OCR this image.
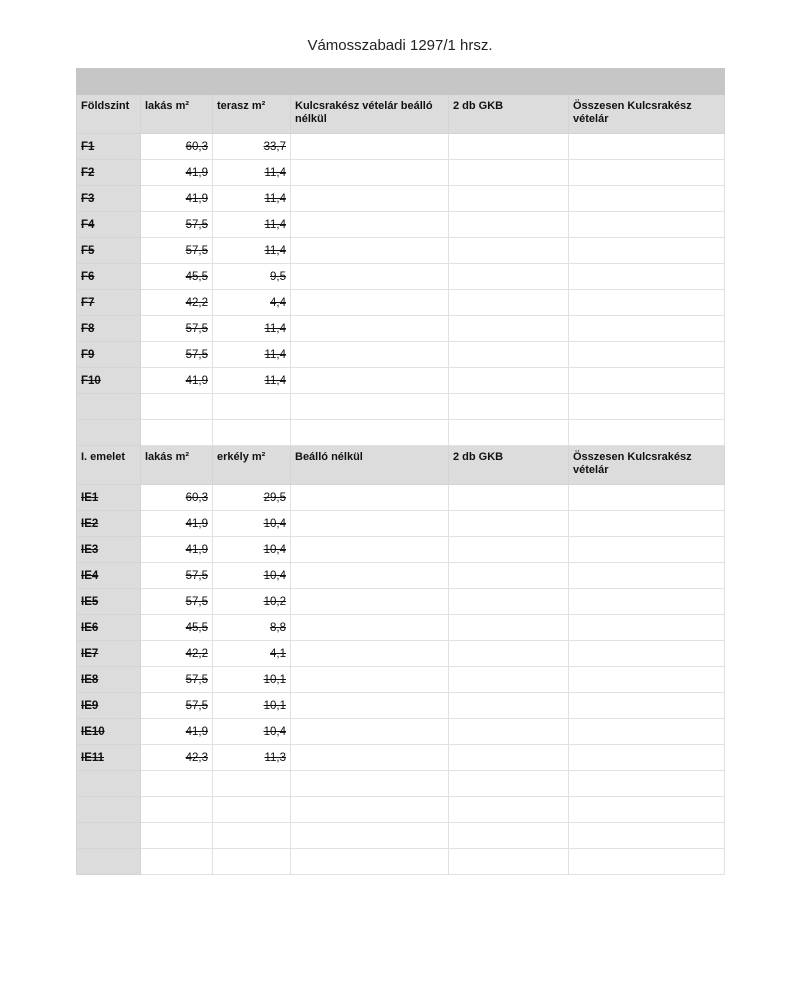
Vámosszabadi 1297/1 hrsz.

Földszint	lakás m²	terasz m²	Kulcsrakész vételár beálló nélkül	2 db GKB	Összesen Kulcsrakész vételár
F1	60,3	33,7			
F2	41,9	11,4			
F3	41,9	11,4			
F4	57,5	11,4			
F5	57,5	11,4			
F6	45,5	9,5			
F7	42,2	4,4			
F8	57,5	11,4			
F9	57,5	11,4			
F10	41,9	11,4			

I. emelet	lakás m²	erkély m²	Beálló nélkül	2 db GKB	Összesen Kulcsrakész vételár
IE1	60,3	29,5			
IE2	41,9	10,4			
IE3	41,9	10,4			
IE4	57,5	10,4			
IE5	57,5	10,2			
IE6	45,5	8,8			
IE7	42,2	4,1			
IE8	57,5	10,1			
IE9	57,5	10,1			
IE10	41,9	10,4			
IE11	42,3	11,3			
